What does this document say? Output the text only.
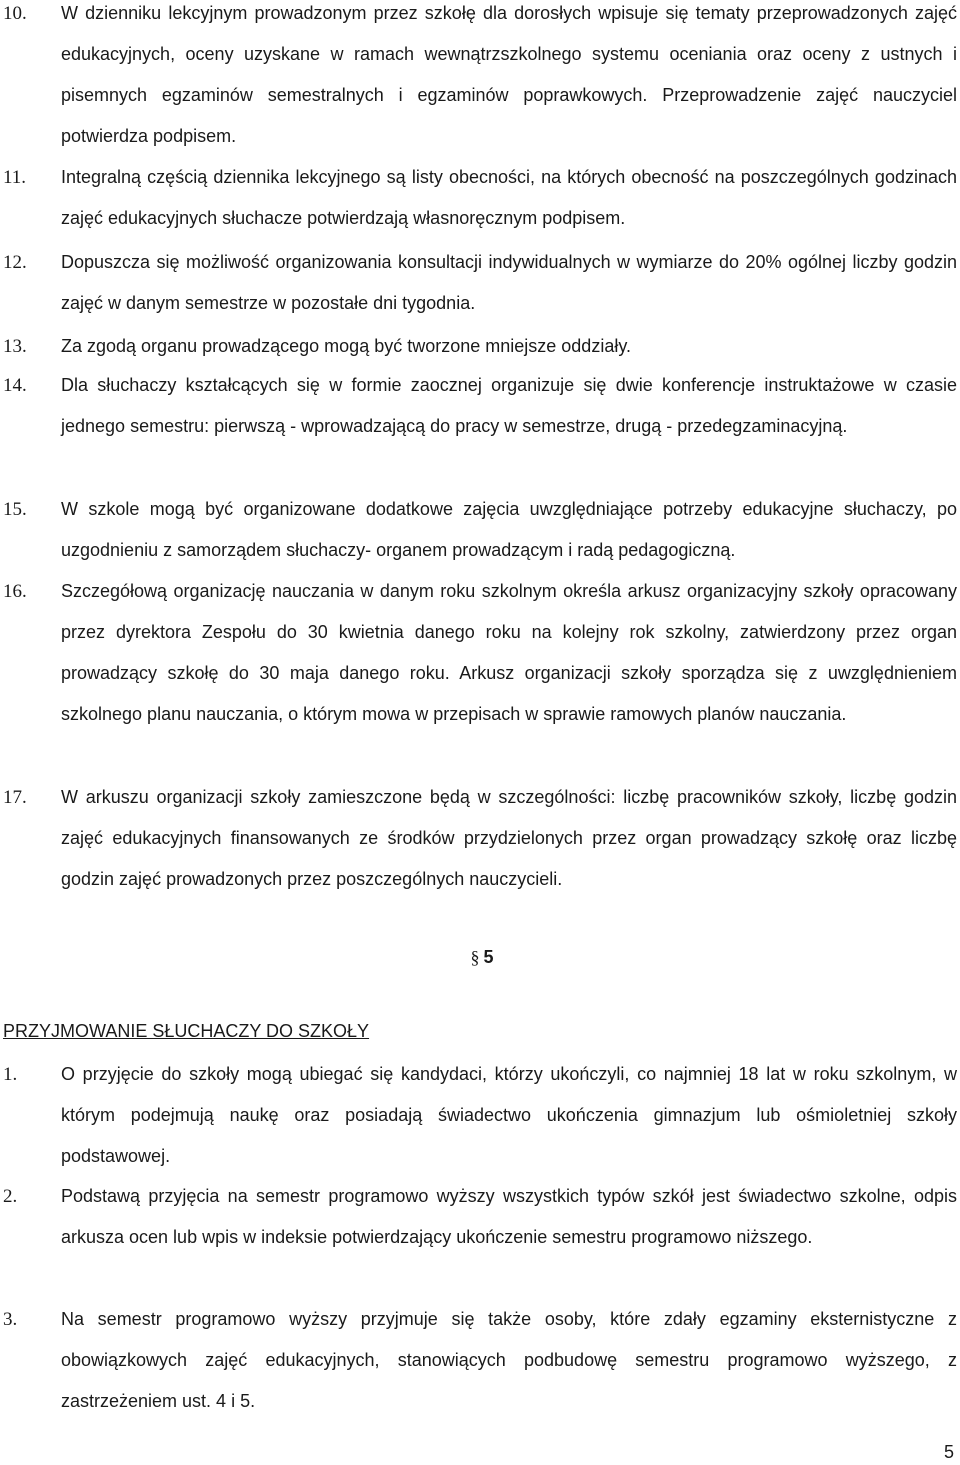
10.	W dzienniku lekcyjnym prowadzonym przez szkołę dla dorosłych wpisuje się tematy przeprowadzonych zajęć edukacyjnych, oceny uzyskane w ramach wewnątrzszkolnego systemu oceniania oraz oceny z ustnych i pisemnych egzaminów semestralnych i egzaminów poprawkowych. Przeprowadzenie zajęć nauczyciel potwierdza podpisem.
11.	Integralną częścią dziennika lekcyjnego są listy obecności, na których obecność na poszczególnych godzinach zajęć edukacyjnych słuchacze potwierdzają własnoręcznym podpisem.
12.	Dopuszcza się możliwość organizowania konsultacji indywidualnych w wymiarze do 20% ogólnej liczby godzin zajęć w danym semestrze w pozostałe dni tygodnia.
13.	Za zgodą organu prowadzącego mogą być tworzone mniejsze oddziały.
14.	Dla słuchaczy kształcących się w formie zaocznej organizuje się dwie konferencje instruktażowe w czasie jednego semestru: pierwszą - wprowadzającą do pracy w semestrze, drugą - przedegzaminacyjną.
15.	W szkole mogą być organizowane dodatkowe zajęcia uwzględniające potrzeby edukacyjne słuchaczy, po uzgodnieniu z samorządem słuchaczy- organem prowadzącym i radą pedagogiczną.
16.	Szczegółową organizację nauczania w danym roku szkolnym określa arkusz organizacyjny szkoły opracowany przez dyrektora Zespołu do 30 kwietnia danego roku na kolejny rok szkolny, zatwierdzony przez organ prowadzący szkołę do 30 maja danego roku. Arkusz organizacji szkoły sporządza się z uwzględnieniem szkolnego planu nauczania, o którym mowa w przepisach w sprawie ramowych planów nauczania.
17.	W arkuszu organizacji szkoły zamieszczone będą w szczególności: liczbę pracowników szkoły, liczbę godzin zajęć edukacyjnych finansowanych ze środków przydzielonych przez organ prowadzący szkołę oraz liczbę godzin zajęć prowadzonych przez poszczególnych nauczycieli.
§ 5
PRZYJMOWANIE SŁUCHACZY DO SZKOŁY
1.	O przyjęcie do szkoły mogą ubiegać się kandydaci, którzy ukończyli, co najmniej 18 lat w roku szkolnym, w którym podejmują naukę oraz posiadają świadectwo ukończenia gimnazjum lub ośmioletniej szkoły podstawowej.
2.	Podstawą przyjęcia na semestr programowo wyższy wszystkich typów szkół jest świadectwo szkolne, odpis arkusza ocen lub wpis w indeksie potwierdzający ukończenie semestru programowo niższego.
3.	Na semestr programowo wyższy przyjmuje się także osoby, które zdały egzaminy eksternistyczne z obowiązkowych zajęć edukacyjnych, stanowiących podbudowę semestru programowo wyższego, z zastrzeżeniem ust. 4 i 5.
5
